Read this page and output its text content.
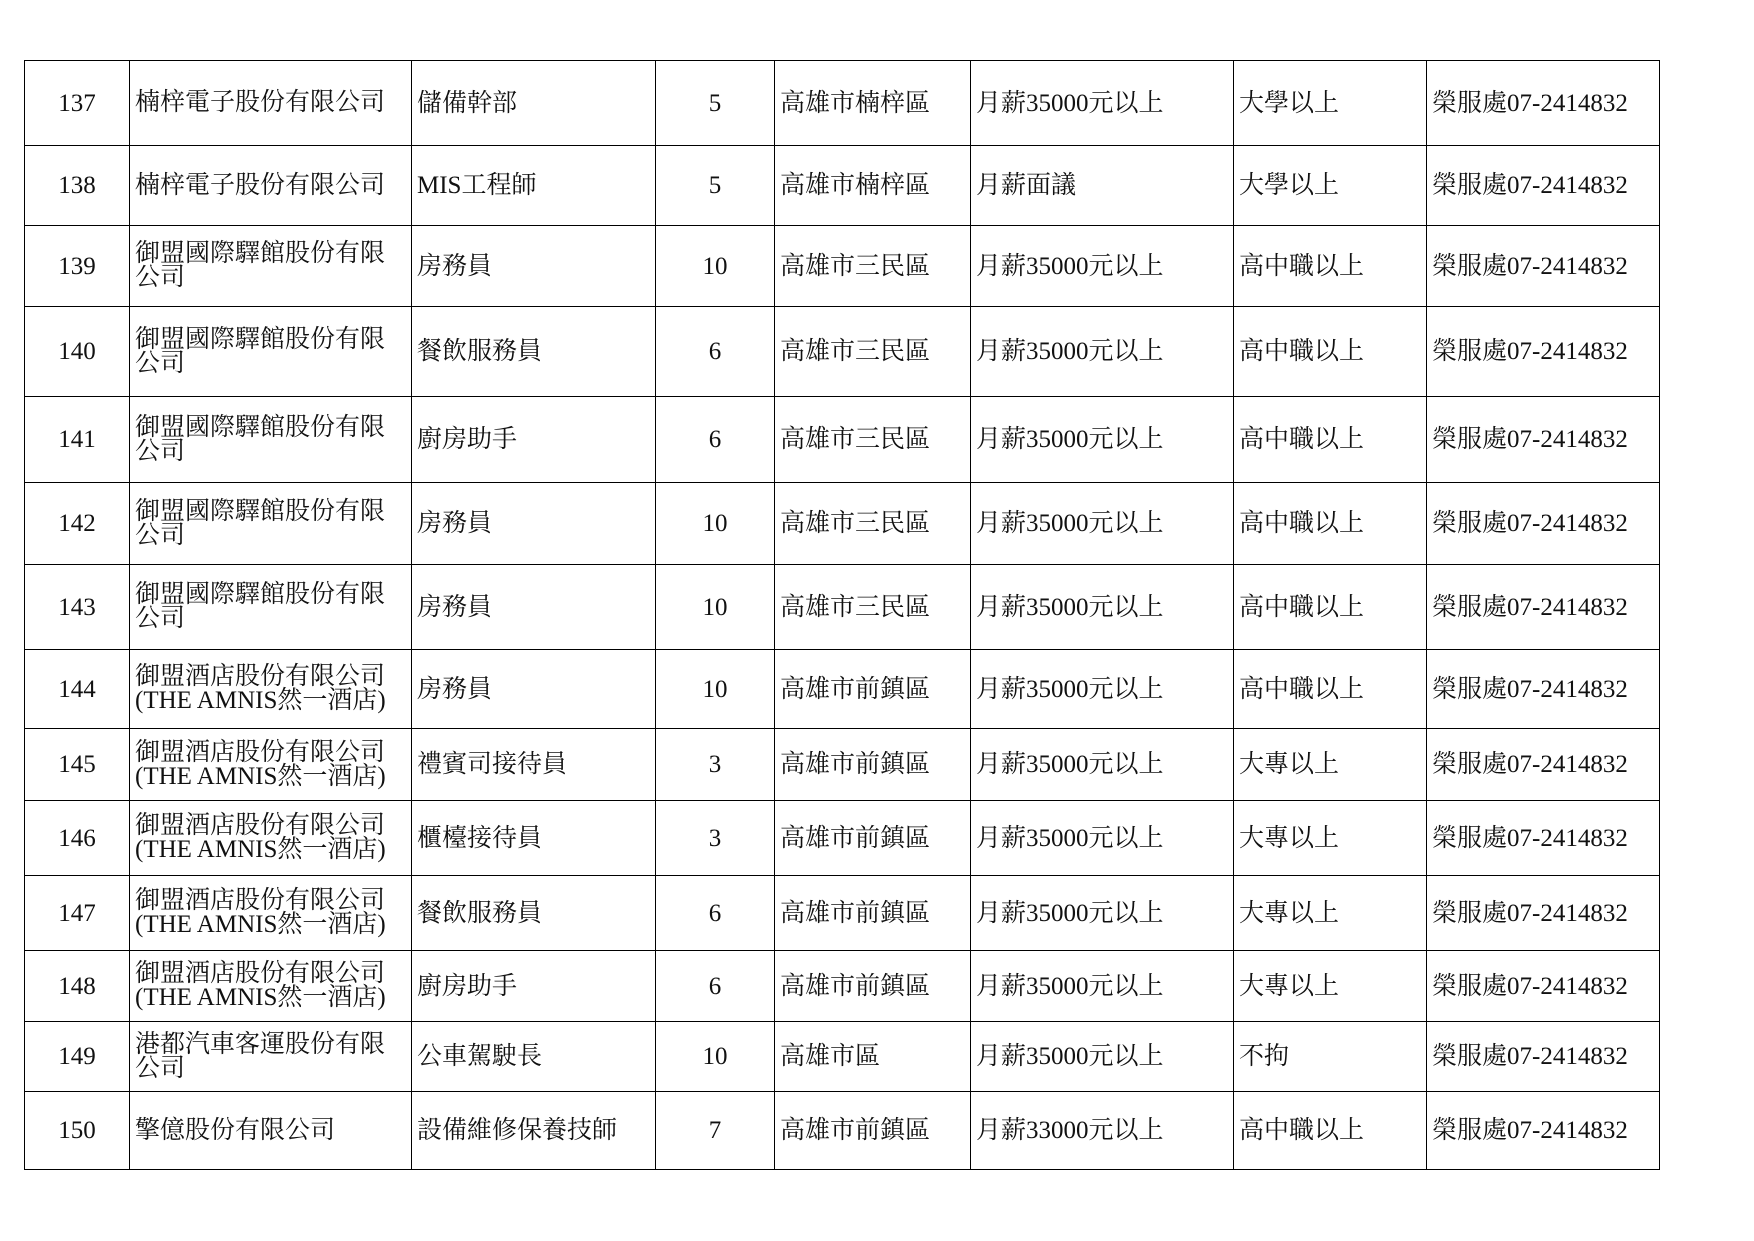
137	楠梓電子股份有限公司	儲備幹部	5	高雄市楠梓區	月薪35000元以上	大學以上	榮服處07-2414832
138	楠梓電子股份有限公司	MIS工程師	5	高雄市楠梓區	月薪面議	大學以上	榮服處07-2414832
139	御盟國際驛館股份有限
公司	房務員	10	高雄市三民區	月薪35000元以上	高中職以上	榮服處07-2414832
140	御盟國際驛館股份有限
公司	餐飲服務員	6	高雄市三民區	月薪35000元以上	高中職以上	榮服處07-2414832
141	御盟國際驛館股份有限
公司	廚房助手	6	高雄市三民區	月薪35000元以上	高中職以上	榮服處07-2414832
142	御盟國際驛館股份有限
公司	房務員	10	高雄市三民區	月薪35000元以上	高中職以上	榮服處07-2414832
143	御盟國際驛館股份有限
公司	房務員	10	高雄市三民區	月薪35000元以上	高中職以上	榮服處07-2414832
144	御盟酒店股份有限公司
(THE AMNIS然一酒店)	房務員	10	高雄市前鎮區	月薪35000元以上	高中職以上	榮服處07-2414832
145	御盟酒店股份有限公司
(THE AMNIS然一酒店)	禮賓司接待員	3	高雄市前鎮區	月薪35000元以上	大專以上	榮服處07-2414832
146	御盟酒店股份有限公司
(THE AMNIS然一酒店)	櫃檯接待員	3	高雄市前鎮區	月薪35000元以上	大專以上	榮服處07-2414832
147	御盟酒店股份有限公司
(THE AMNIS然一酒店)	餐飲服務員	6	高雄市前鎮區	月薪35000元以上	大專以上	榮服處07-2414832
148	御盟酒店股份有限公司
(THE AMNIS然一酒店)	廚房助手	6	高雄市前鎮區	月薪35000元以上	大專以上	榮服處07-2414832
149	港都汽車客運股份有限
公司	公車駕駛長	10	高雄市區	月薪35000元以上	不拘	榮服處07-2414832
150	擎億股份有限公司	設備維修保養技師	7	高雄市前鎮區	月薪33000元以上	高中職以上	榮服處07-2414832
